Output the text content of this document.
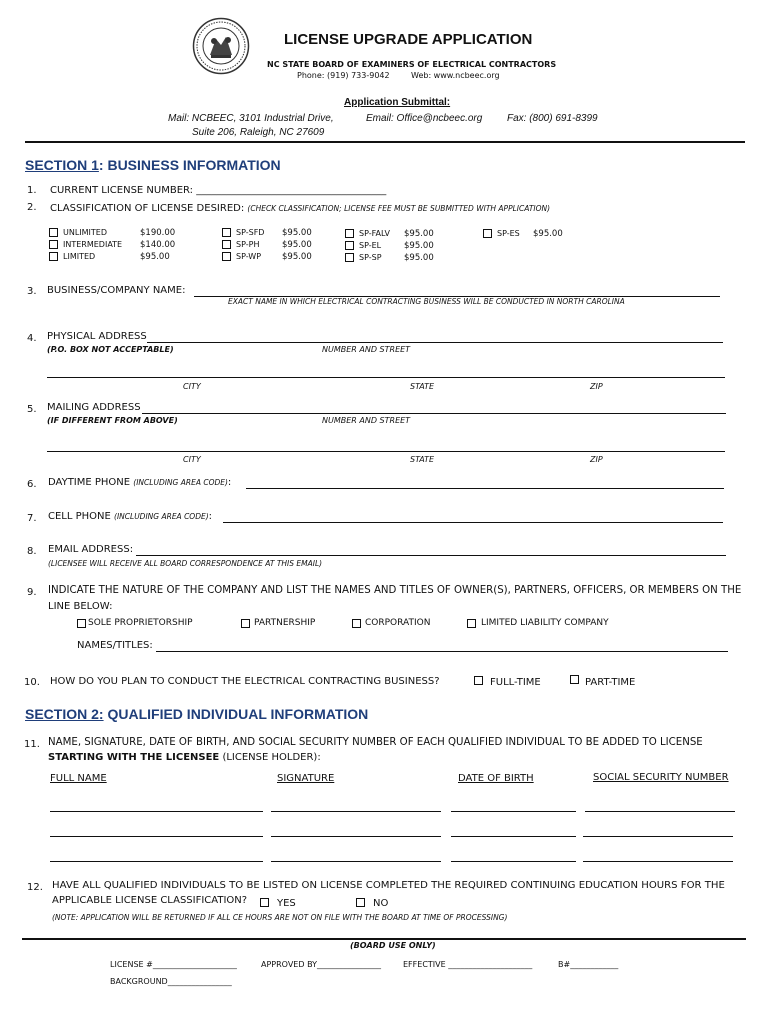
LICENSE UPGRADE APPLICATION
NC STATE BOARD OF EXAMINERS OF ELECTRICAL CONTRACTORS
Phone: (919) 733-9042	Web: www.ncbeec.org
Application Submittal:
Mail: NCBEEC, 3101 Industrial Drive,
Suite 206, Raleigh, NC 27609
Email: Office@ncbeec.org Fax: (800) 691-8399
SECTION 1: BUSINESS INFORMATION
1. CURRENT LICENSE NUMBER: ______________________________________
2. CLASSIFICATION OF LICENSE DESIRED: (CHECK CLASSIFICATION; LICENSE FEE MUST BE SUBMITTED WITH APPLICATION)
UNLIMITED	$190.00
INTERMEDIATE $140.00
LIMITED	$95.00
SP-SFD $95.00
SP-PH	$95.00
SP-WP $95.00
SP-FALV $95.00
SP-EL	$95.00
SP-SP	$95.00
SP-ES $95.00
3. BUSINESS/COMPANY NAME:
EXACT NAME IN WHICH ELECTRICAL CONTRACTING BUSINESS WILL BE CONDUCTED IN NORTH CAROLINA
4. PHYSICAL ADDRESS
(P.O. BOX NOT ACCEPTABLE)	NUMBER AND STREET
CITY	STATE	ZIP
5. MAILING ADDRESS
(IF DIFFERENT FROM ABOVE)	NUMBER AND STREET
CITY	STATE	ZIP
6. DAYTIME PHONE (INCLUDING AREA CODE):
7. CELL PHONE (INCLUDING AREA CODE):
8. EMAIL ADDRESS:
(LICENSEE WILL RECEIVE ALL BOARD CORRESPONDENCE AT THIS EMAIL)
9. INDICATE THE NATURE OF THE COMPANY AND LIST THE NAMES AND TITLES OF OWNER(S), PARTNERS, OFFICERS, OR MEMBERS ON THE
LINE BELOW:
SOLE PROPRIETORSHIP	PARTNERSHIP	CORPORATION	LIMITED LIABILITY COMPANY
NAMES/TITLES:
10. HOW DO YOU PLAN TO CONDUCT THE ELECTRICAL CONTRACTING BUSINESS?	FULL-TIME	PART-TIME
SECTION 2: QUALIFIED INDIVIDUAL INFORMATION
11. NAME, SIGNATURE, DATE OF BIRTH, AND SOCIAL SECURITY NUMBER OF EACH QUALIFIED INDIVIDUAL TO BE ADDED TO LICENSE
STARTING WITH THE LICENSEE (LICENSE HOLDER):
FULL NAME	SIGNATURE	DATE OF BIRTH	SOCIAL SECURITY NUMBER
12. HAVE ALL QUALIFIED INDIVIDUALS TO BE LISTED ON LICENSE COMPLETED THE REQUIRED CONTINUING EDUCATION HOURS FOR THE
APPLICABLE LICENSE CLASSIFICATION?	YES	NO
(NOTE: APPLICATION WILL BE RETURNED IF ALL CE HOURS ARE NOT ON FILE WITH THE BOARD AT TIME OF PROCESSING)
(BOARD USE ONLY)
LICENSE #_____________________	APPROVED BY________________	EFFECTIVE _____________________	B#____________
BACKGROUND________________
